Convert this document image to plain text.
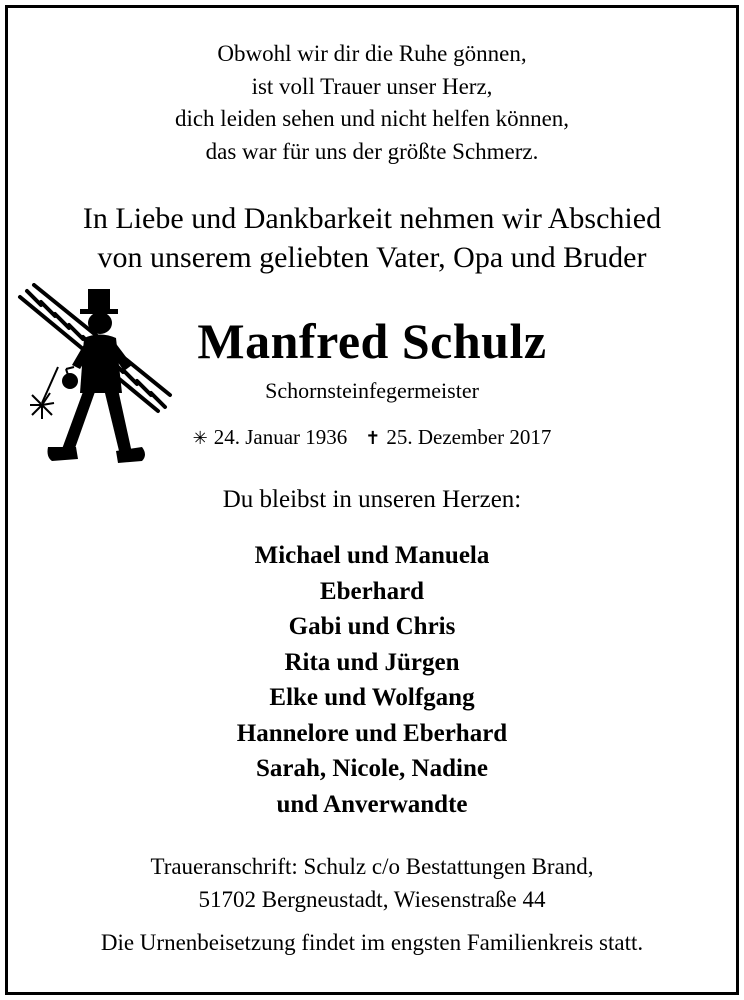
Obwohl wir dir die Ruhe gönnen,
ist voll Trauer unser Herz,
dich leiden sehen und nicht helfen können,
das war für uns der größte Schmerz.
In Liebe und Dankbarkeit nehmen wir Abschied
von unserem geliebten Vater, Opa und Bruder
Manfred Schulz
Schornsteinfegermeister
✳ 24. Januar 1936 ✝ 25. Dezember 2017
Du bleibst in unseren Herzen:
Michael und Manuela
Eberhard
Gabi und Chris
Rita und Jürgen
Elke und Wolfgang
Hannelore und Eberhard
Sarah, Nicole, Nadine
und Anverwandte
Traueranschrift: Schulz c/o Bestattungen Brand,
51702 Bergneustadt, Wiesenstraße 44
Die Urnenbeisetzung findet im engsten Familienkreis statt.
